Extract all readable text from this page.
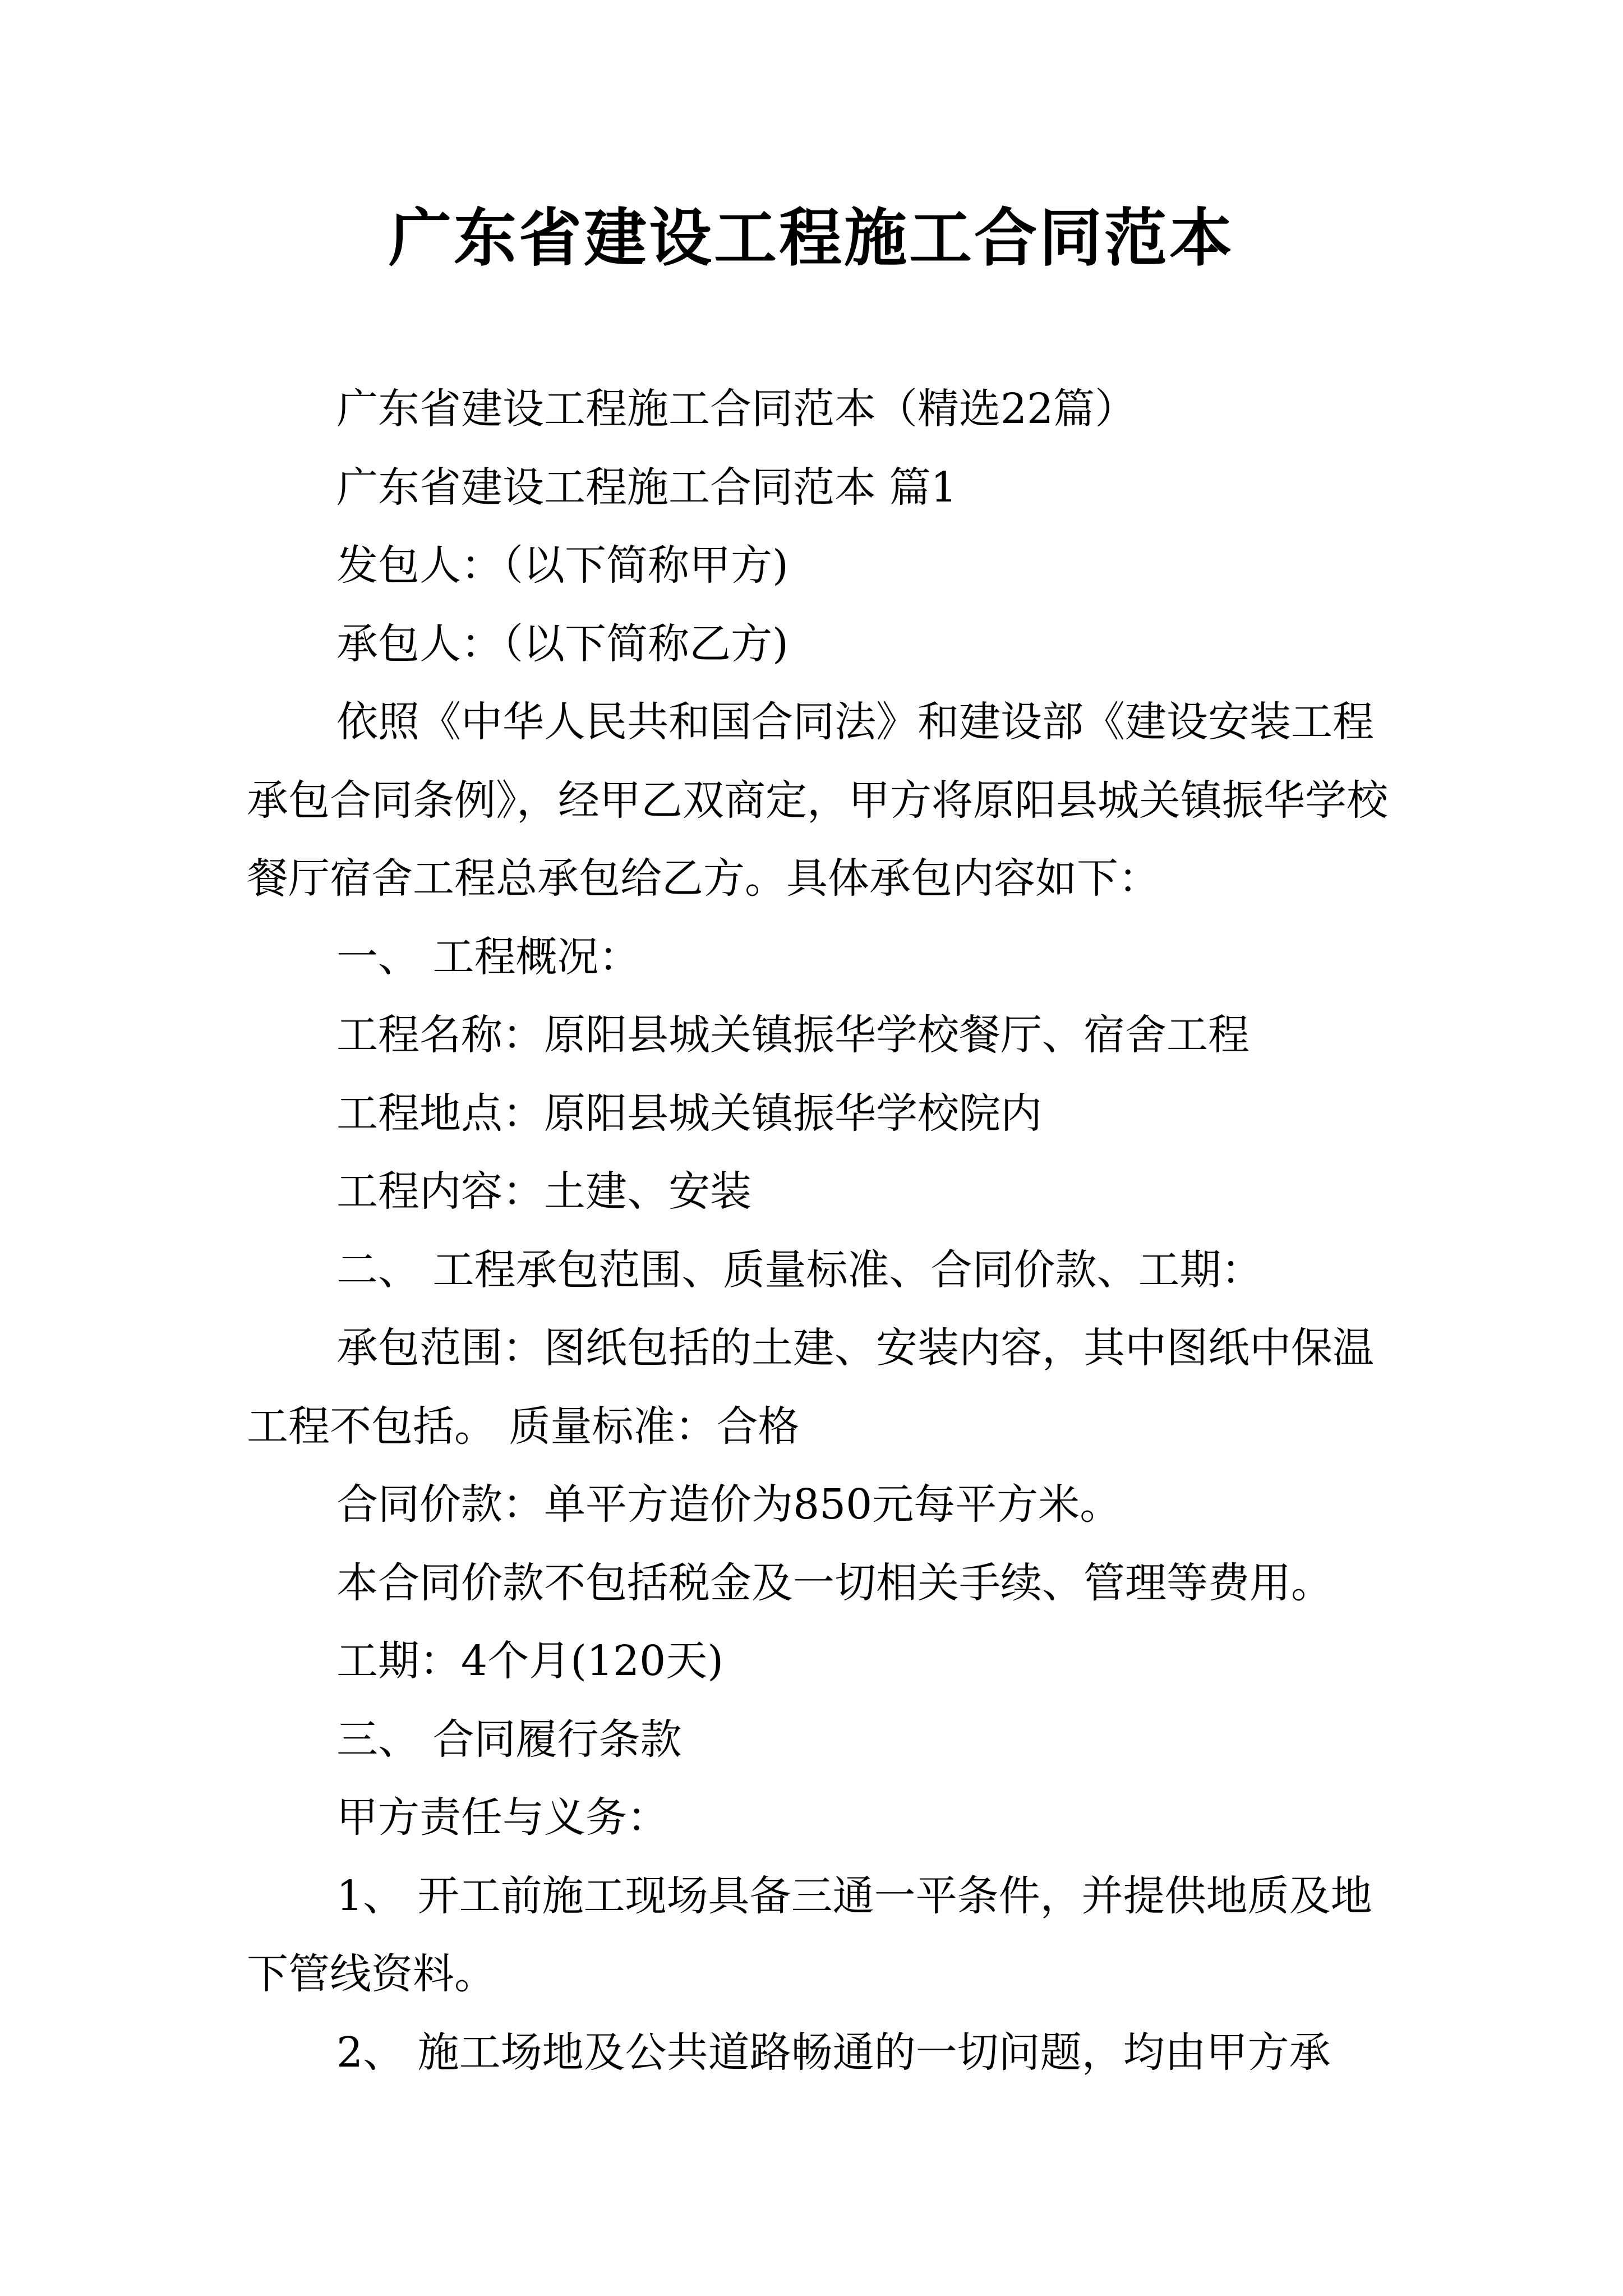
广东省建设工程施工合同范本

广东省建设工程施工合同范本（精选22篇）

广东省建设工程施工合同范本 篇1

发包人：（以下简称甲方)

承包人：（以下简称乙方)

依照《中华人民共和国合同法》和建设部《建设安装工程承包合同条例》，经甲乙双商定，甲方将原阳县城关镇振华学校餐厅宿舍工程总承包给乙方。具体承包内容如下：

一、 工程概况：

工程名称：原阳县城关镇振华学校餐厅、宿舍工程

工程地点：原阳县城关镇振华学校院内

工程内容：土建、安装

二、 工程承包范围、质量标准、合同价款、工期：

承包范围：图纸包括的土建、安装内容，其中图纸中保温工程不包括。 质量标准：合格

合同价款：单平方造价为850元每平方米。

本合同价款不包括税金及一切相关手续、管理等费用。

工期：4个月(120天)

三、 合同履行条款

甲方责任与义务：

1、 开工前施工现场具备三通一平条件，并提供地质及地下管线资料。

2、 施工场地及公共道路畅通的一切问题，均由甲方承
